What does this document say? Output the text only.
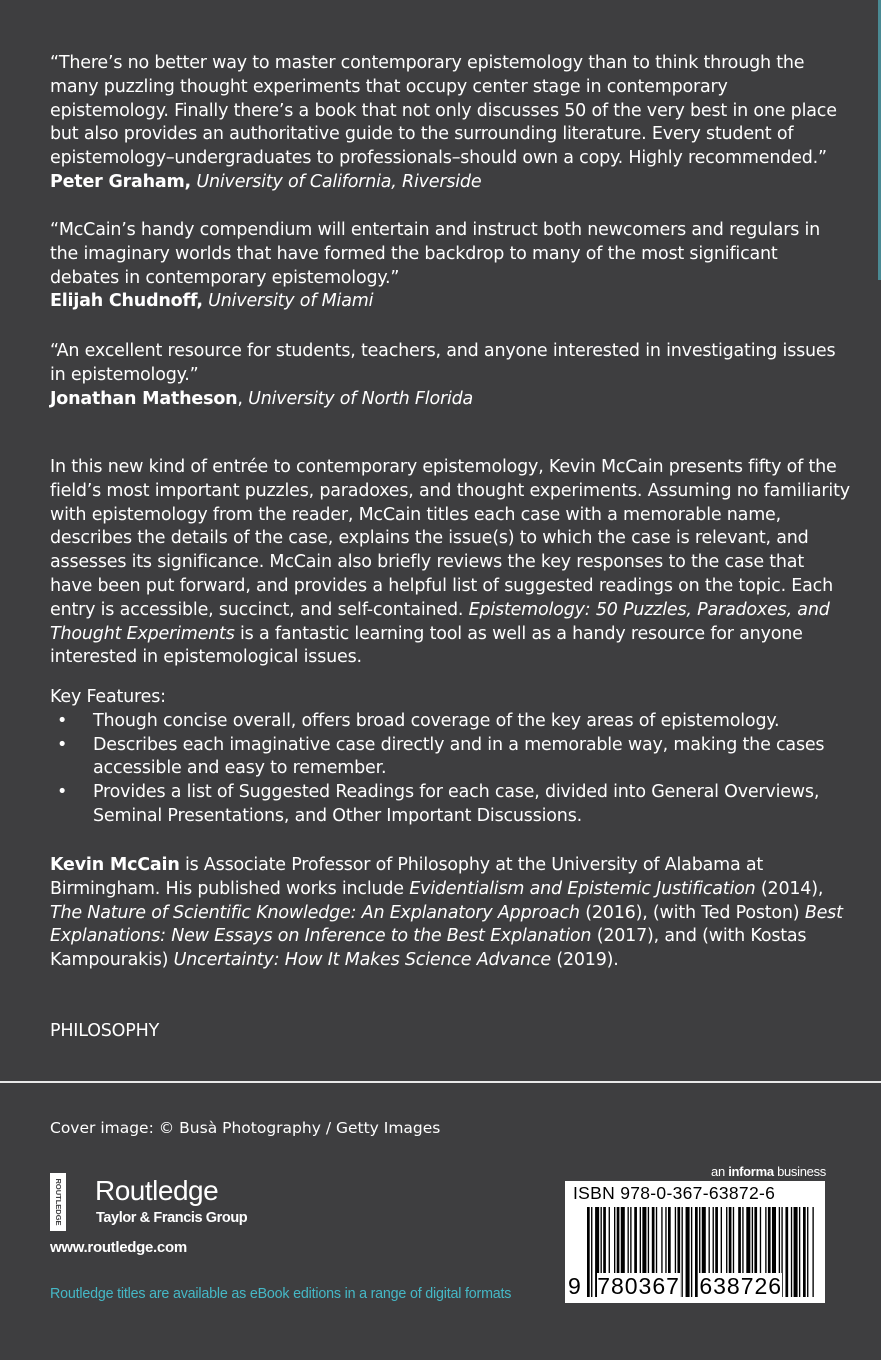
“There’s no better way to master contemporary epistemology than to think through the many puzzling thought experiments that occupy center stage in contemporary epistemology. Finally there’s a book that not only discusses 50 of the very best in one place but also provides an authoritative guide to the surrounding literature. Every student of epistemology–undergraduates to professionals–should own a copy. Highly recommended.”

Peter Graham, University of California, Riverside

“McCain’s handy compendium will entertain and instruct both newcomers and regulars in the imaginary worlds that have formed the backdrop to many of the most significant debates in contemporary epistemology.”

Elijah Chudnoff, University of Miami

“An excellent resource for students, teachers, and anyone interested in investigating issues in epistemology.”

Jonathan Matheson, University of North Florida

In this new kind of entrée to contemporary epistemology, Kevin McCain presents fifty of the field’s most important puzzles, paradoxes, and thought experiments. Assuming no familiarity with epistemology from the reader, McCain titles each case with a memorable name, describes the details of the case, explains the issue(s) to which the case is relevant, and assesses its significance. McCain also briefly reviews the key responses to the case that have been put forward, and provides a helpful list of suggested readings on the topic. Each entry is accessible, succinct, and self-contained. Epistemology: 50 Puzzles, Paradoxes, and Thought Experiments is a fantastic learning tool as well as a handy resource for anyone interested in epistemological issues.
Key Features:
• Though concise overall, offers broad coverage of the key areas of epistemology.
• Describes each imaginative case directly and in a memorable way, making the cases accessible and easy to remember.
• Provides a list of Suggested Readings for each case, divided into General Overviews, Seminal Presentations, and Other Important Discussions.
Kevin McCain is Associate Professor of Philosophy at the University of Alabama at Birmingham. His published works include Evidentialism and Epistemic Justification (2014), The Nature of Scientific Knowledge: An Explanatory Approach (2016), (with Ted Poston) Best Explanations: New Essays on Inference to the Best Explanation (2017), and (with Kostas Kampourakis) Uncertainty: How It Makes Science Advance (2019).
PHILOSOPHY
Cover image: © Busà Photography / Getty Images
ROUTLEDGE Routledge
Taylor & Francis Group
www.routledge.com
Routledge titles are available as eBook editions in a range of digital formats
an informa business
ISBN 978-0-367-63872-6
9 780367 638726
